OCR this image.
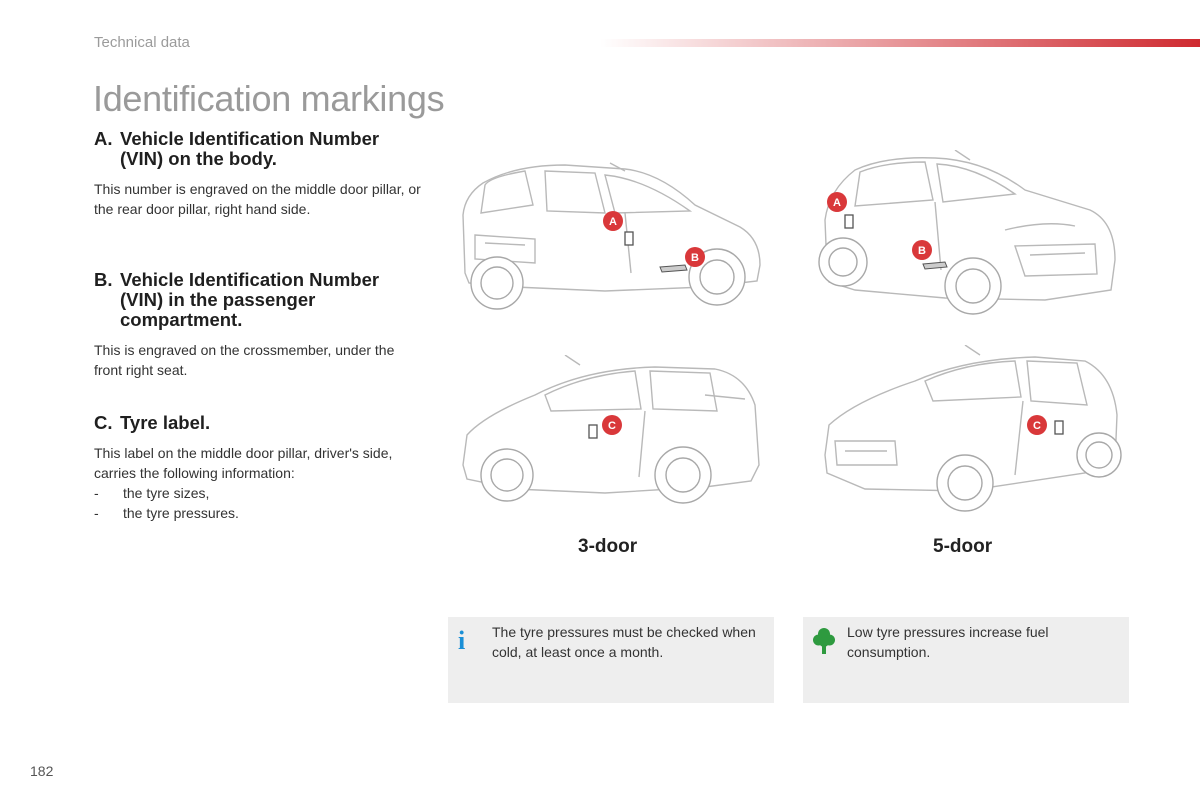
Technical data
Identification markings
A. Vehicle Identification Number (VIN) on the body.

This number is engraved on the middle door pillar, or the rear door pillar, right hand side.

B. Vehicle Identification Number (VIN) in the passenger compartment.

This is engraved on the crossmember, under the front right seat.

C. Tyre label.

This label on the middle door pillar, driver's side, carries the following information:

-	the tyre sizes,
-	the tyre pressures.
A
B
A
B
C	C
3-door	5-door
i	The tyre pressures must be checked when cold, at least once a month.
Low tyre pressures increase fuel consumption.
182
